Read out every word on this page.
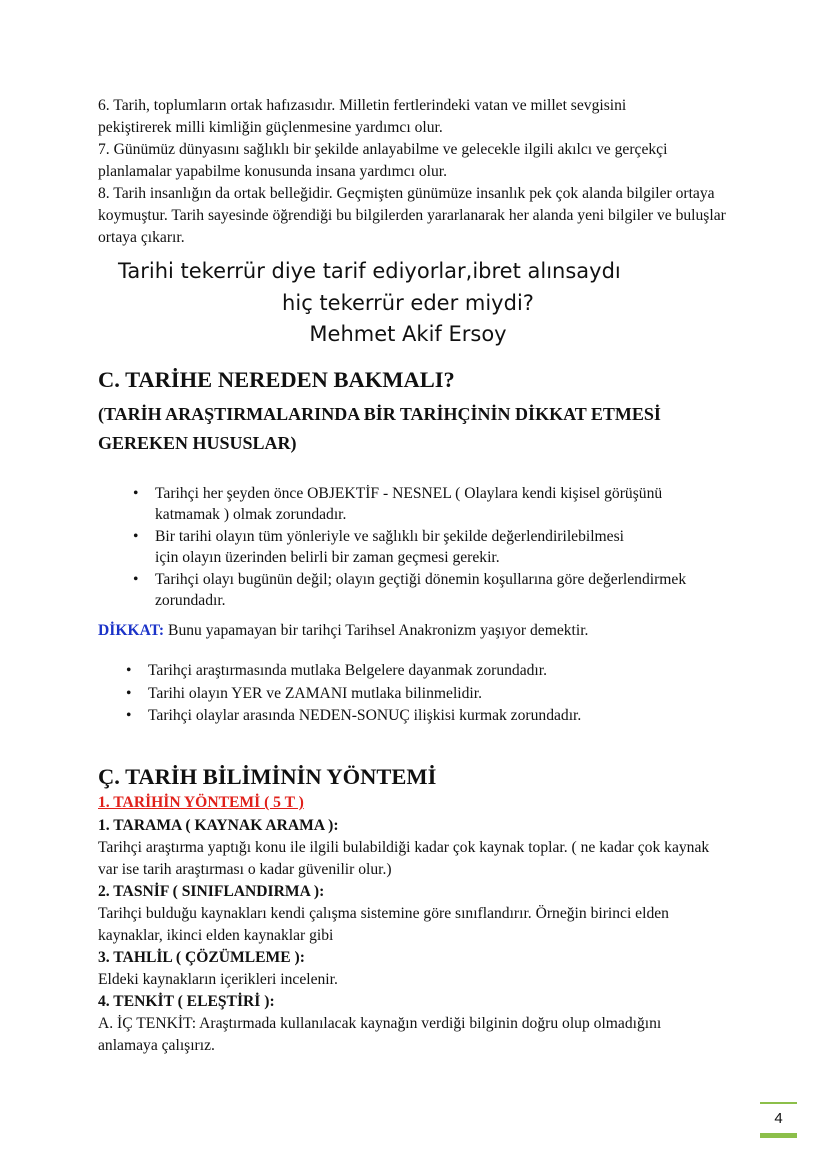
6. Tarih, toplumların ortak hafızasıdır. Milletin fertlerindeki vatan ve millet sevgisini pekiştirerek milli kimliğin güçlenmesine yardımcı olur.
7. Günümüz dünyasını sağlıklı bir şekilde anlayabilme ve gelecekle ilgili akılcı ve gerçekçi planlamalar yapabilme konusunda insana yardımcı olur.
8. Tarih insanlığın da ortak belleğidir. Geçmişten günümüze insanlık pek çok alanda bilgiler ortaya koymuştur. Tarih sayesinde öğrendiği bu bilgilerden yararlanarak her alanda yeni bilgiler ve buluşlar ortaya çıkarır.
Tarihi tekerrür diye tarif ediyorlar,ibret alınsaydı
hiç tekerrür eder miydi?
Mehmet Akif Ersoy
C. TARİHE NEREDEN BAKMALI?
(TARİH ARAŞTIRMALARINDA BİR TARİHÇİNİN DİKKAT ETMESİ GEREKEN HUSUSLAR)
• Tarihçi her şeyden önce OBJEKTİF - NESNEL ( Olaylara kendi kişisel görüşünü katmamak ) olmak zorundadır.
• Bir tarihi olayın tüm yönleriyle ve sağlıklı bir şekilde değerlendirilebilmesi için olayın üzerinden belirli bir zaman geçmesi gerekir.
• Tarihçi olayı bugünün değil; olayın geçtiği dönemin koşullarına göre değerlendirmek zorundadır.
DİKKAT: Bunu yapamayan bir tarihçi Tarihsel Anakronizm yaşıyor demektir.
• Tarihçi araştırmasında mutlaka Belgelere dayanmak zorundadır.
• Tarihi olayın YER ve ZAMANI mutlaka bilinmelidir.
• Tarihçi olaylar arasında NEDEN-SONUÇ ilişkisi kurmak zorundadır.
Ç. TARİH BİLİMİNİN YÖNTEMİ
1. TARİHİN YÖNTEMİ ( 5 T )
1. TARAMA ( KAYNAK ARAMA ):
Tarihçi araştırma yaptığı konu ile ilgili bulabildiği kadar çok kaynak toplar. ( ne kadar çok kaynak var ise tarih araştırması o kadar güvenilir olur.)
2. TASNİF ( SINIFLANDIRMA ):
Tarihçi bulduğu kaynakları kendi çalışma sistemine göre sınıflandırır. Örneğin birinci elden kaynaklar, ikinci elden kaynaklar gibi
3. TAHLİL ( ÇÖZÜMLEME ):
Eldeki kaynakların içerikleri incelenir.
4. TENKİT ( ELEŞTİRİ ):
A. İÇ TENKİT: Araştırmada kullanılacak kaynağın verdiği bilginin doğru olup olmadığını anlamaya çalışırız.
4
